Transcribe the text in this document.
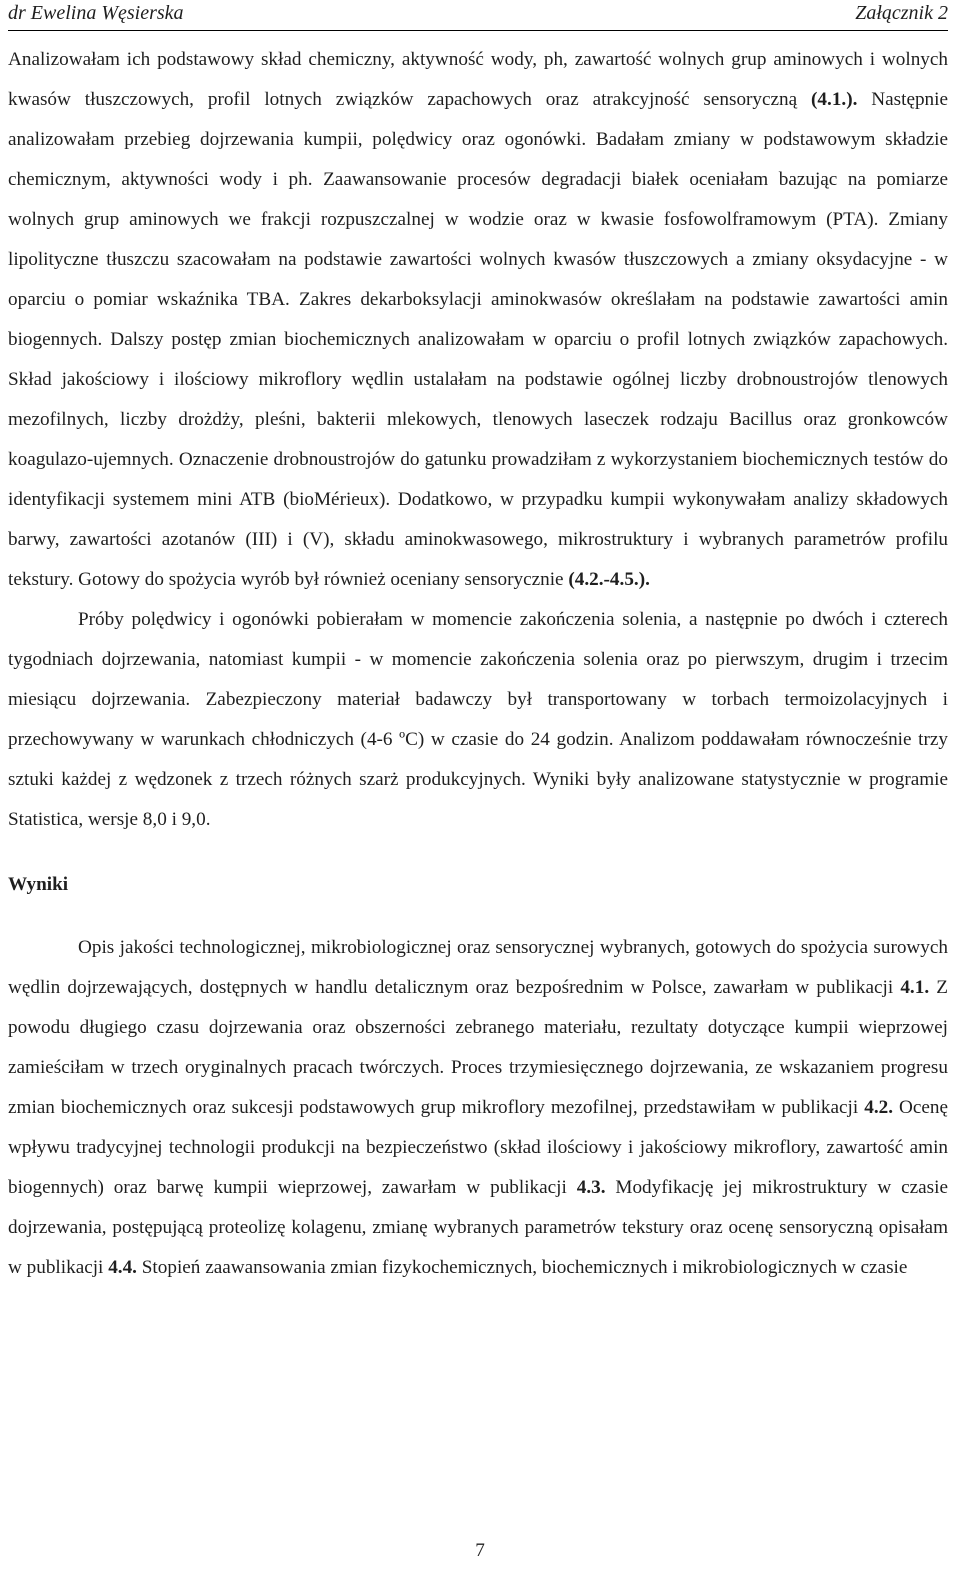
dr Ewelina Węsierska	Załącznik 2

Analizowałam ich podstawowy skład chemiczny, aktywność wody, ph, zawartość wolnych grup aminowych i wolnych kwasów tłuszczowych, profil lotnych związków zapachowych oraz atrakcyjność sensoryczną (4.1.). Następnie analizowałam przebieg dojrzewania kumpii, polędwicy oraz ogonówki. Badałam zmiany w podstawowym składzie chemicznym, aktywności wody i ph. Zaawansowanie procesów degradacji białek oceniałam bazując na pomiarze wolnych grup aminowych we frakcji rozpuszczalnej w wodzie oraz w kwasie fosfowolframowym (PTA). Zmiany lipolityczne tłuszczu szacowałam na podstawie zawartości wolnych kwasów tłuszczowych a zmiany oksydacyjne - w oparciu o pomiar wskaźnika TBA. Zakres dekarboksylacji aminokwasów określałam na podstawie zawartości amin biogennych. Dalszy postęp zmian biochemicznych analizowałam w oparciu o profil lotnych związków zapachowych. Skład jakościowy i ilościowy mikroflory wędlin ustalałam na podstawie ogólnej liczby drobnoustrojów tlenowych mezofilnych, liczby drożdży, pleśni, bakterii mlekowych, tlenowych laseczek rodzaju Bacillus oraz gronkowców koagulazo-ujemnych. Oznaczenie drobnoustrojów do gatunku prowadziłam z wykorzystaniem biochemicznych testów do identyfikacji systemem mini ATB (bioMérieux). Dodatkowo, w przypadku kumpii wykonywałam analizy składowych barwy, zawartości azotanów (III) i (V), składu aminokwasowego, mikrostruktury i wybranych parametrów profilu tekstury. Gotowy do spożycia wyrób był również oceniany sensorycznie (4.2.-4.5.).

Próby polędwicy i ogonówki pobierałam w momencie zakończenia solenia, a następnie po dwóch i czterech tygodniach dojrzewania, natomiast kumpii - w momencie zakończenia solenia oraz po pierwszym, drugim i trzecim miesiącu dojrzewania. Zabezpieczony materiał badawczy był transportowany w torbach termoizolacyjnych i przechowywany w warunkach chłodniczych (4-6 ºC) w czasie do 24 godzin. Analizom poddawałam równocześnie trzy sztuki każdej z wędzonek z trzech różnych szarż produkcyjnych. Wyniki były analizowane statystycznie w programie Statistica, wersje 8,0 i 9,0.

Wyniki

Opis jakości technologicznej, mikrobiologicznej oraz sensorycznej wybranych, gotowych do spożycia surowych wędlin dojrzewających, dostępnych w handlu detalicznym oraz bezpośrednim w Polsce, zawarłam w publikacji 4.1. Z powodu długiego czasu dojrzewania oraz obszerności zebranego materiału, rezultaty dotyczące kumpii wieprzowej zamieściłam w trzech oryginalnych pracach twórczych. Proces trzymiesięcznego dojrzewania, ze wskazaniem progresu zmian biochemicznych oraz sukcesji podstawowych grup mikroflory mezofilnej, przedstawiłam w publikacji 4.2. Ocenę wpływu tradycyjnej technologii produkcji na bezpieczeństwo (skład ilościowy i jakościowy mikroflory, zawartość amin biogennych) oraz barwę kumpii wieprzowej, zawarłam w publikacji 4.3. Modyfikację jej mikrostruktury w czasie dojrzewania, postępującą proteolizę kolagenu, zmianę wybranych parametrów tekstury oraz ocenę sensoryczną opisałam w publikacji 4.4. Stopień zaawansowania zmian fizykochemicznych, biochemicznych i mikrobiologicznych w czasie

7
